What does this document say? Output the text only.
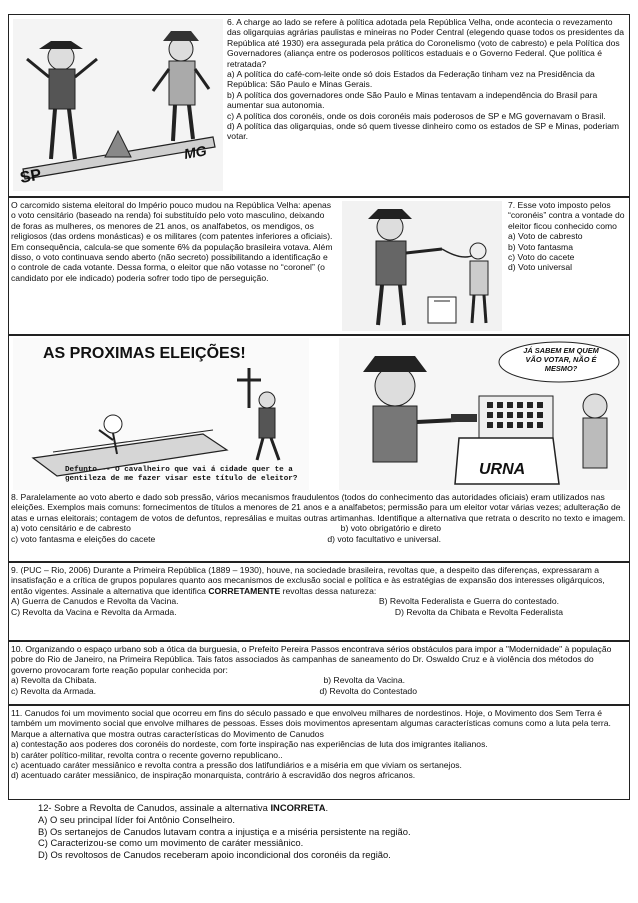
SP
MG

6. A charge ao lado se refere à política adotada pela República Velha, onde acontecia o revezamento das oligarquias agrárias paulistas e mineiras no Poder Central (elegendo quase todos os presidentes da República até 1930) era assegurada pela prática do Coronelismo (voto de cabresto) e pela Política dos Governadores (aliança entre os poderosos políticos estaduais e o Governo Federal. Que política é retratada?

a) A política do café-com-leite onde só dois Estados da Federação tinham vez na Presidência da República: São Paulo e Minas Gerais.

b) A política dos governadores onde São Paulo e Minas tentavam a independência do Brasil para aumentar sua autonomia.

c) A política dos coronéis, onde os dois coronéis mais poderosos de SP e MG governavam o Brasil.

d) A política das oligarquias, onde só quem tivesse dinheiro como os estados de SP e Minas, poderiam votar.

O carcomido sistema eleitoral do Império pouco mudou na República Velha: apenas o voto censitário (baseado na renda) foi substituído pelo voto masculino, deixando de foras as mulheres, os menores de 21 anos, os analfabetos, os mendigos, os religiosos (das ordens monásticas) e os militares (com patentes inferiores a oficiais). Em consequência, calcula-se que somente 6% da população brasileira votava. Além disso, o voto continuava sendo aberto (não secreto) possibilitando a identificação e o controle de cada votante. Dessa forma, o eleitor que não votasse no “coronel” (o candidato por ele indicado) poderia sofrer todo tipo de perseguição.

7. Esse voto imposto pelos “coronéis” contra a vontade do eleitor ficou conhecido como

a) Voto de cabresto

b) Voto fantasma

c) Voto do cacete

d) Voto universal

AS PROXIMAS ELEIÇÕES!
Defunto -- O cavalheiro que vai á cidade quer te a gentileza de me fazer visar este título de eleitor?
URNA
JÁ SABEM EM QUEM VÃO VOTAR, NÃO É MESMO?

8. Paralelamente ao voto aberto e dado sob pressão, vários mecanismos fraudulentos (todos do conhecimento das autoridades oficiais) eram utilizados nas eleições. Exemplos mais comuns: fornecimentos de títulos a menores de 21 anos e a analfabetos; permissão para um eleitor votar várias vezes; adulteração de atas e urnas eleitorais; contagem de votos de defuntos, represálias e muitas outras artimanhas. Identifique a alternativa que retrata o descrito no texto e imagem.

a) voto censitário e de cabresto	b) voto obrigatório e direto
c) voto fantasma e eleições do cacete	d) voto facultativo e universal.

9. (PUC – Rio, 2006) Durante a Primeira República (1889 – 1930), houve, na sociedade brasileira, revoltas que, a despeito das diferenças, expressaram a insatisfação e a crítica de grupos populares quanto aos mecanismos de exclusão social e política e às estratégias de expansão dos interesses oligárquicos, então vigentes. Assinale a alternativa que identifica CORRETAMENTE revoltas dessa natureza:

A) Guerra de Canudos e Revolta da Vacina.	B) Revolta Federalista e Guerra do contestado.
C) Revolta da Vacina e Revolta da Armada.	D) Revolta da Chibata e Revolta Federalista

10. Organizando o espaço urbano sob a ótica da burguesia, o Prefeito Pereira Passos encontrava sérios obstáculos para impor a "Modernidade" à população pobre do Rio de Janeiro, na Primeira República. Tais fatos associados às campanhas de saneamento do Dr. Oswaldo Cruz e à violência dos métodos do governo provocaram forte reação popular conhecida por:

a) Revolta da Chibata.	b) Revolta da Vacina.
c) Revolta da Armada.	d) Revolta do Contestado

11. Canudos foi um movimento social que ocorreu em fins do século passado e que envolveu milhares de nordestinos. Hoje, o Movimento dos Sem Terra é também um movimento social que envolve milhares de pessoas. Esses dois movimentos apresentam algumas características comuns como a luta pela terra. Marque a alternativa que mostra outras características do Movimento de Canudos

a) contestação aos poderes dos coronéis do nordeste, com forte inspiração nas experiências de luta dos imigrantes italianos.

b) caráter político-militar, revolta contra o recente governo republicano..

c) acentuado caráter messiânico e revolta contra a pressão dos latifundiários e a miséria em que viviam os sertanejos.

d) acentuado caráter messiânico, de inspiração monarquista, contrário à escravidão dos negros africanos.

12- Sobre a Revolta de Canudos, assinale a alternativa INCORRETA.

A) O seu principal líder foi Antônio Conselheiro.

B) Os sertanejos de Canudos lutavam contra a injustiça e a miséria persistente na região.

C) Caracterizou-se como um movimento de caráter messiânico.

D) Os revoltosos de Canudos receberam apoio incondicional dos coronéis da região.
